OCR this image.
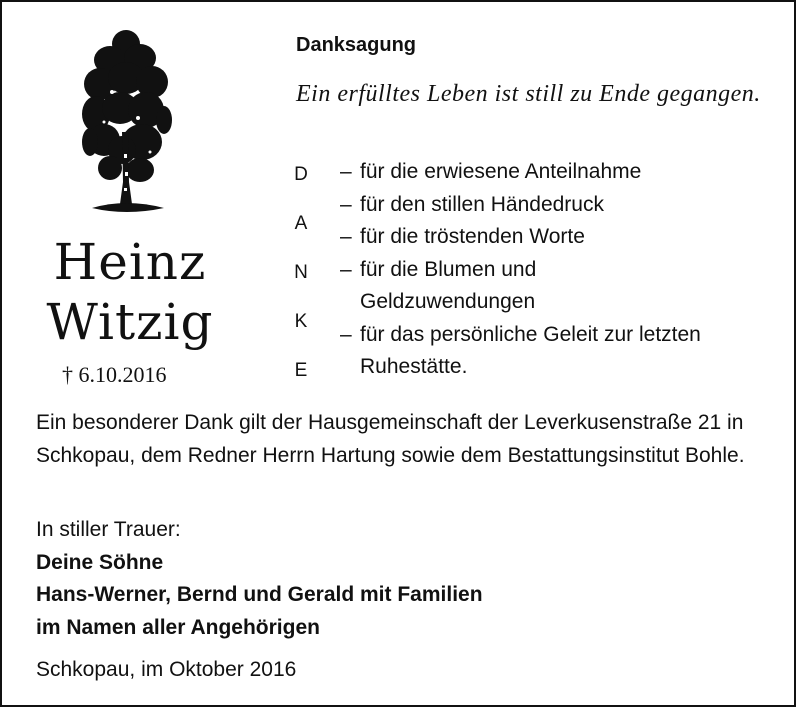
Heinz
Witzig
† 6.10.2016
Danksagung
Ein erfülltes Leben ist still zu Ende gegangen.
D
A
N
K
E
– für die erwiesene Anteilnahme
– für den stillen Händedruck
– für die tröstenden Worte
– für die Blumen und Geldzuwendungen
– für das persönliche Geleit zur letzten Ruhestätte.
Ein besonderer Dank gilt der Hausgemeinschaft der Leverkusenstraße 21 in Schkopau, dem Redner Herrn Hartung sowie dem Bestattungsinstitut Bohle.
In stiller Trauer:
Deine Söhne
Hans-Werner, Bernd und Gerald mit Familien
im Namen aller Angehörigen
Schkopau, im Oktober 2016
